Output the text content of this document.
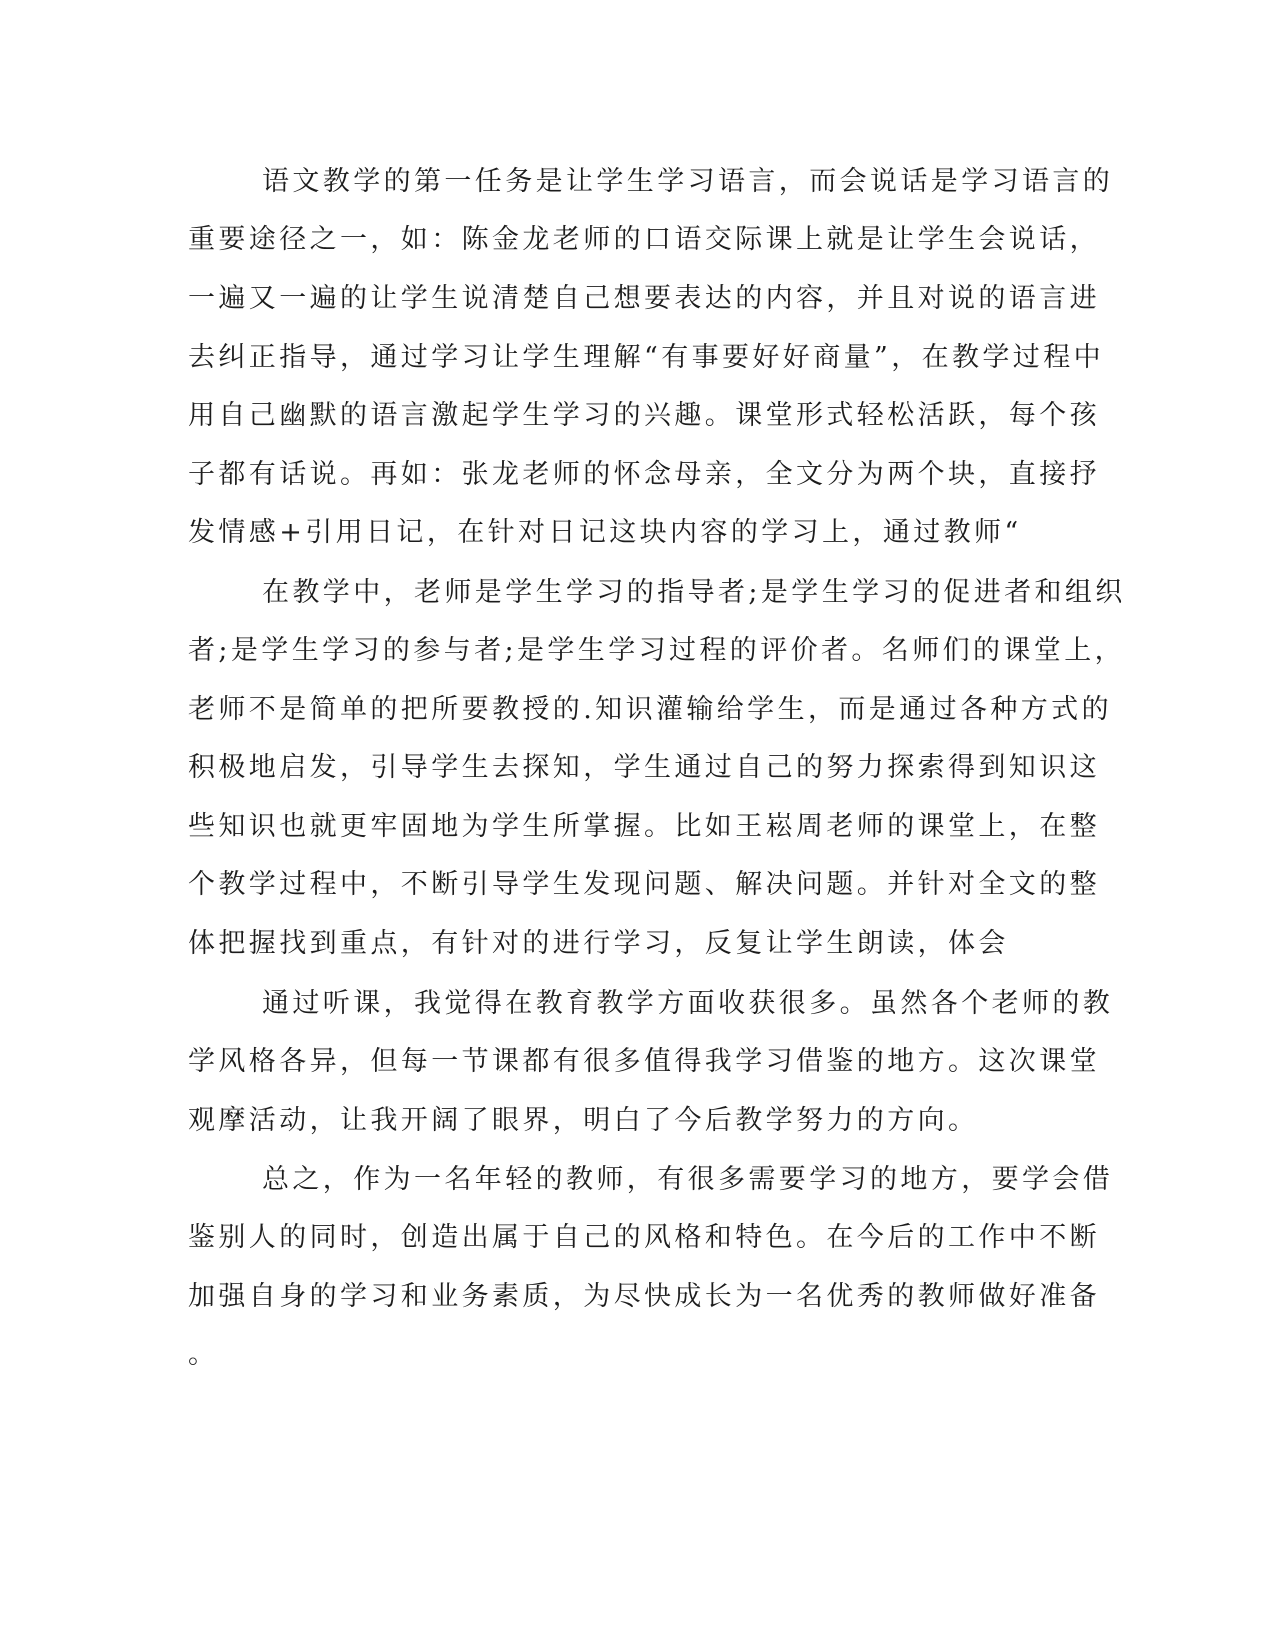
语文教学的第一任务是让学生学习语言，而会说话是学习语言的

重要途径之一，如：陈金龙老师的口语交际课上就是让学生会说话，

一遍又一遍的让学生说清楚自己想要表达的内容，并且对说的语言进

去纠正指导，通过学习让学生理解“有事要好好商量”，在教学过程中

用自己幽默的语言激起学生学习的兴趣。课堂形式轻松活跃，每个孩

子都有话说。再如：张龙老师的怀念母亲，全文分为两个块，直接抒

发情感+引用日记，在针对日记这块内容的学习上，通过教师“

在教学中，老师是学生学习的指导者;是学生学习的促进者和组织

者;是学生学习的参与者;是学生学习过程的评价者。名师们的课堂上，

老师不是简单的把所要教授的.知识灌输给学生，而是通过各种方式的

积极地启发，引导学生去探知，学生通过自己的努力探索得到知识这

些知识也就更牢固地为学生所掌握。比如王崧周老师的课堂上，在整

个教学过程中，不断引导学生发现问题、解决问题。并针对全文的整

体把握找到重点，有针对的进行学习，反复让学生朗读，体会

通过听课，我觉得在教育教学方面收获很多。虽然各个老师的教

学风格各异，但每一节课都有很多值得我学习借鉴的地方。这次课堂

观摩活动，让我开阔了眼界，明白了今后教学努力的方向。

总之，作为一名年轻的教师，有很多需要学习的地方，要学会借

鉴别人的同时，创造出属于自己的风格和特色。在今后的工作中不断

加强自身的学习和业务素质，为尽快成长为一名优秀的教师做好准备

。
